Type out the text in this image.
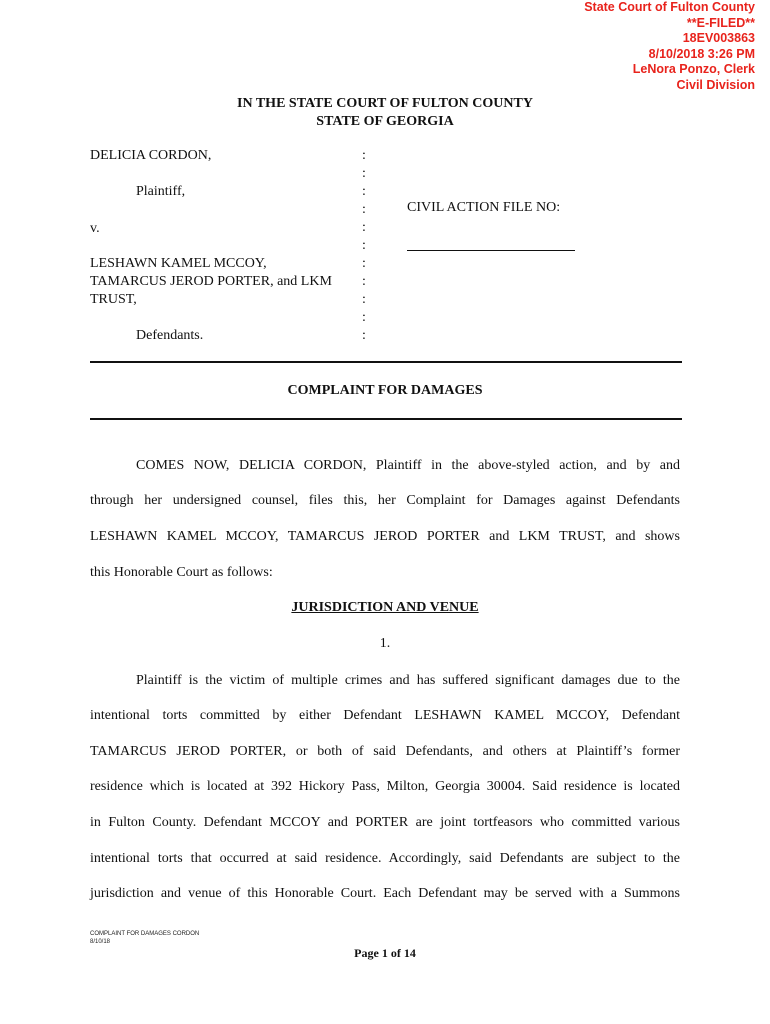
State Court of Fulton County
**E-FILED**
18EV003863
8/10/2018 3:26 PM
LeNora Ponzo, Clerk
Civil Division
IN THE STATE COURT OF FULTON COUNTY
STATE OF GEORGIA
DELICIA CORDON,
Plaintiff,
v.
LESHAWN KAMEL MCCOY,
TAMARCUS JEROD PORTER, and LKM
TRUST,
Defendants.
:
:
:
:
:
:
:
:
:
:
:
CIVIL ACTION FILE NO:
COMPLAINT FOR DAMAGES
COMES NOW, DELICIA CORDON, Plaintiff in the above-styled action, and by and
through her undersigned counsel, files this, her Complaint for Damages against Defendants
LESHAWN KAMEL MCCOY, TAMARCUS JEROD PORTER and LKM TRUST, and shows
this Honorable Court as follows:
JURISDICTION AND VENUE
1.
Plaintiff is the victim of multiple crimes and has suffered significant damages due to the
intentional torts committed by either Defendant LESHAWN KAMEL MCCOY, Defendant
TAMARCUS JEROD PORTER, or both of said Defendants, and others at Plaintiff’s former
residence which is located at 392 Hickory Pass, Milton, Georgia 30004. Said residence is located
in Fulton County. Defendant MCCOY and PORTER are joint tortfeasors who committed various
intentional torts that occurred at said residence. Accordingly, said Defendants are subject to the
jurisdiction and venue of this Honorable Court. Each Defendant may be served with a Summons
COMPLAINT FOR DAMAGES CORDON
8/10/18
Page 1 of 14
